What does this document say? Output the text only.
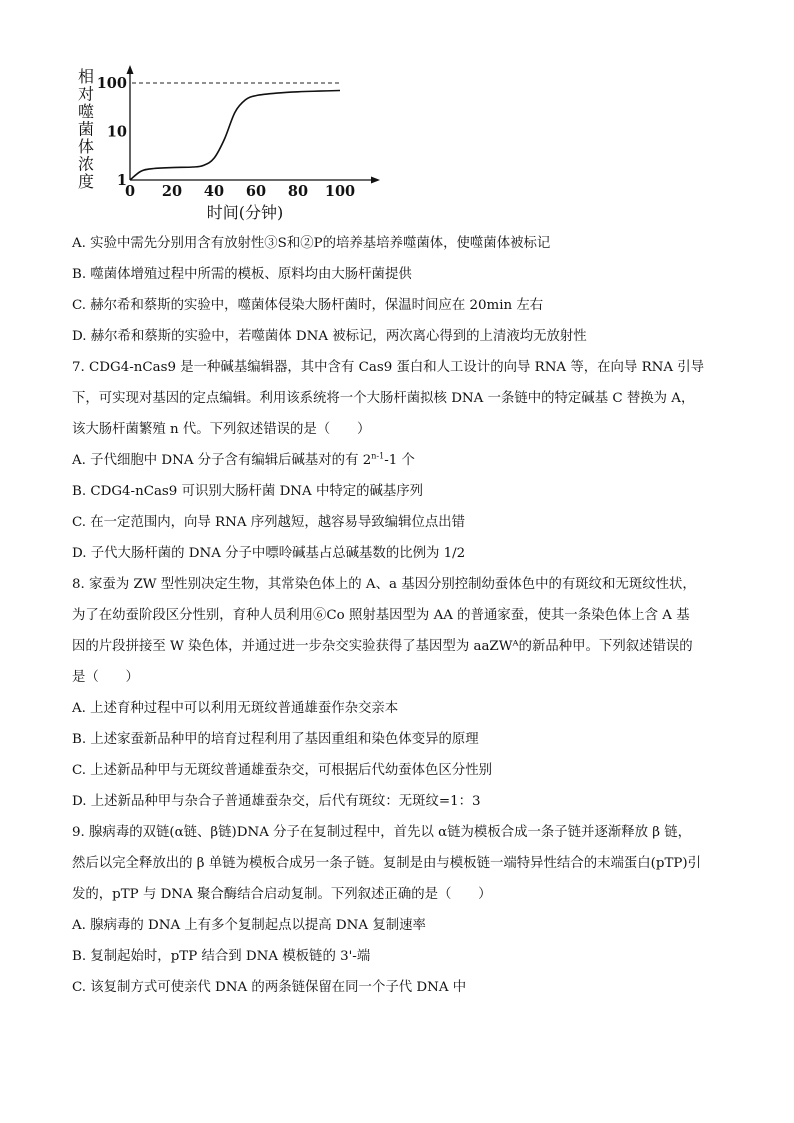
相
对
噬
菌
体
浓
度
100
10
1
0 20 40 60 80 100
时间(分钟)
A. 实验中需先分别用含有放射性③S和②P的培养基培养噬菌体，使噬菌体被标记
B. 噬菌体增殖过程中所需的模板、原料均由大肠杆菌提供
C. 赫尔希和蔡斯的实验中，噬菌体侵染大肠杆菌时，保温时间应在 20min 左右
D. 赫尔希和蔡斯的实验中，若噬菌体 DNA 被标记，两次离心得到的上清液均无放射性
7. CDG4-nCas9 是一种碱基编辑器，其中含有 Cas9 蛋白和人工设计的向导 RNA 等，在向导 RNA 引导
下，可实现对基因的定点编辑。利用该系统将一个大肠杆菌拟核 DNA 一条链中的特定碱基 C 替换为 A，
该大肠杆菌繁殖 n 代。下列叙述错误的是（　　）
A. 子代细胞中 DNA 分子含有编辑后碱基对的有 2$^{n-1}$-1 个
B. CDG4-nCas9 可识别大肠杆菌 DNA 中特定的碱基序列
C. 在一定范围内，向导 RNA 序列越短，越容易导致编辑位点出错
D. 子代大肠杆菌的 DNA 分子中嘌呤碱基占总碱基数的比例为 1/2
8. 家蚕为 ZW 型性别决定生物，其常染色体上的 A、a 基因分别控制幼蚕体色中的有斑纹和无斑纹性状，
为了在幼蚕阶段区分性别，育种人员利用⑥Co 照射基因型为 AA 的普通家蚕，使其一条染色体上含 A 基
因的片段拼接至 W 染色体，并通过进一步杂交实验获得了基因型为 aaZWᴬ的新品种甲。下列叙述错误的
是（　　）
A. 上述育种过程中可以利用无斑纹普通雄蚕作杂交亲本
B. 上述家蚕新品种甲的培育过程利用了基因重组和染色体变异的原理
C. 上述新品种甲与无斑纹普通雄蚕杂交，可根据后代幼蚕体色区分性别
D. 上述新品种甲与杂合子普通雄蚕杂交，后代有斑纹：无斑纹=1：3
9. 腺病毒的双链(α链、β链)DNA 分子在复制过程中，首先以 α链为模板合成一条子链并逐渐释放 β 链，
然后以完全释放出的 β 单链为模板合成另一条子链。复制是由与模板链一端特异性结合的末端蛋白(pTP)引
发的，pTP 与 DNA 聚合酶结合启动复制。下列叙述正确的是（　　）
A. 腺病毒的 DNA 上有多个复制起点以提高 DNA 复制速率
B. 复制起始时，pTP 结合到 DNA 模板链的 3'-端
C. 该复制方式可使亲代 DNA 的两条链保留在同一个子代 DNA 中
